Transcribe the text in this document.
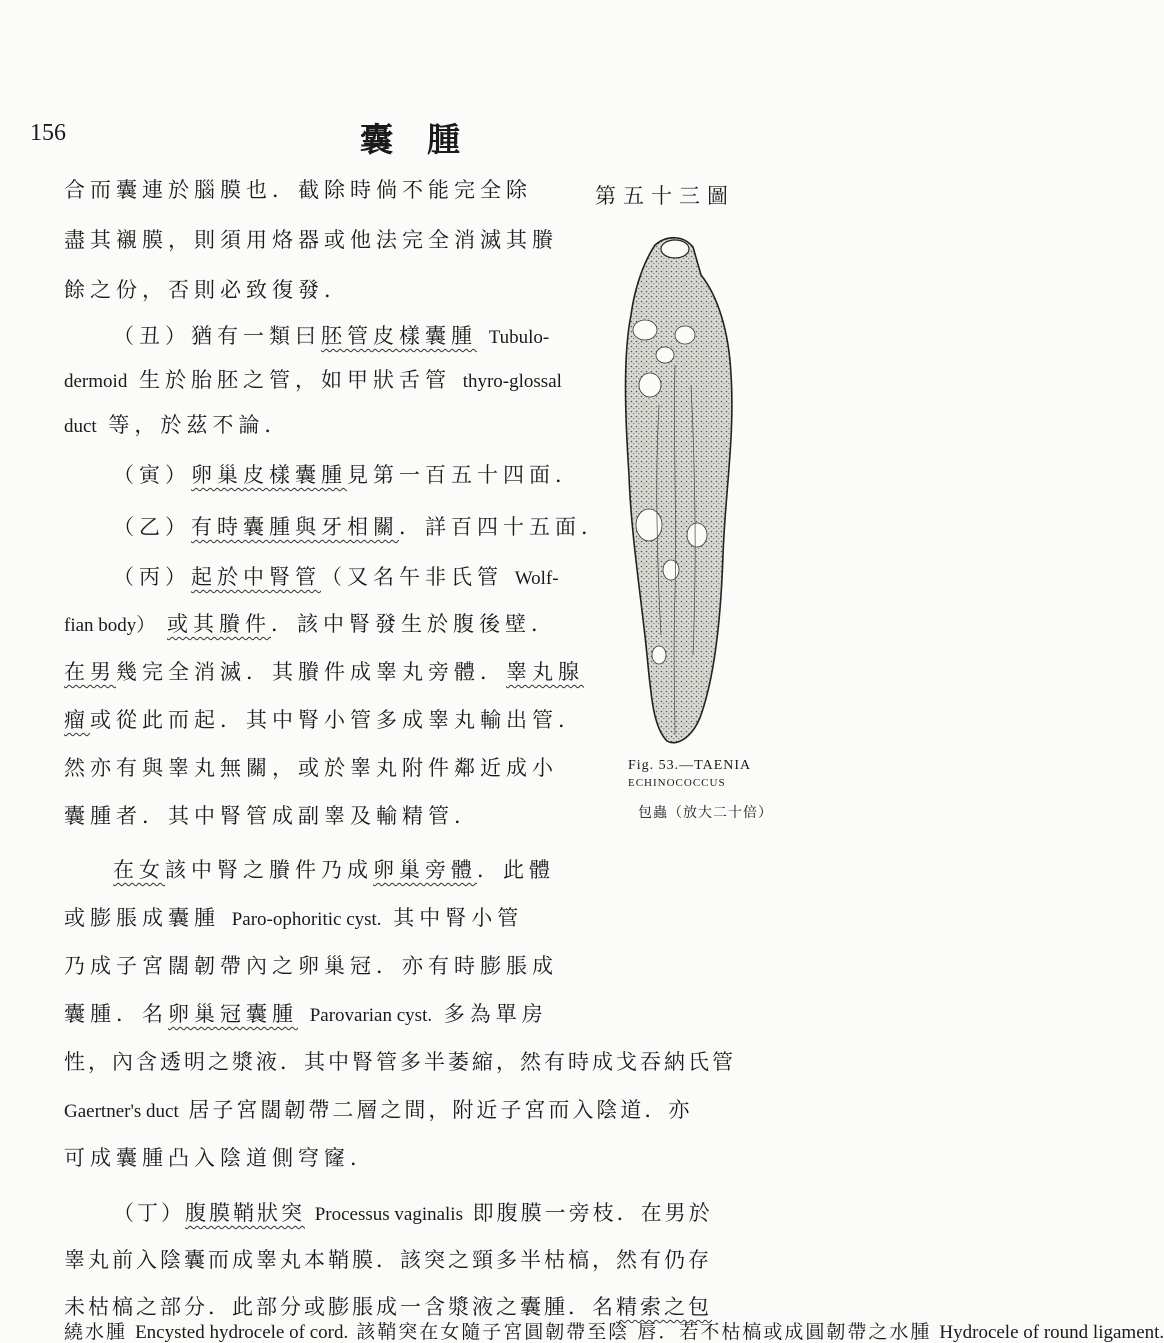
156	囊腫
第五十三圖
Fig. 53.—TAENIA
ECHINOCOCCUS
包蟲（放大二十倍）
合而囊連於腦膜也．截除時倘不能完全除
盡其襯膜，則須用烙器或他法完全消滅其賸
餘之份，否則必致復發．
（丑）猶有一類曰胚管皮樣囊腫 Tubulo-
dermoid 生於胎胚之管，如甲狀舌管 thyro-glossal
duct 等，於茲不論．
（寅）卵巢皮樣囊腫見第一百五十四面．
（乙）有時囊腫與牙相關．詳百四十五面．
（丙）起於中腎管（又名午非氏管 Wolf-
fian body） 或其賸件．該中腎發生於腹後壁．
在男幾完全消滅．其賸件成睾丸旁體．睾丸腺
瘤或從此而起．其中腎小管多成睾丸輸出管．
然亦有與睾丸無關，或於睾丸附件鄰近成小
囊腫者．其中腎管成副睾及輸精管．
在女該中腎之賸件乃成卵巢旁體．此體
或膨脹成囊腫 Paro-ophoritic cyst. 其中腎小管
乃成子宮闊韌帶內之卵巢冠．亦有時膨脹成
囊腫．名卵巢冠囊腫 Parovarian cyst. 多為單房
性，內含透明之漿液．其中腎管多半萎縮，然有時成戈吞納氏管
Gaertner's duct 居子宮闊韌帶二層之間，附近子宮而入陰道．亦
可成囊腫凸入陰道側穹窿．
（丁）腹膜鞘狀突 Processus vaginalis 即腹膜一旁枝．在男於
睾丸前入陰囊而成睾丸本鞘膜．該突之頸多半枯槁，然有仍存
未枯槁之部分．此部分或膨脹成一含漿液之囊腫．名精索之包
繞水腫 Encysted hydrocele of cord. 該鞘突在女隨子宮圓韌帶至陰 唇．若不枯槁或成圓韌帶之水腫 Hydrocele of round ligament.
